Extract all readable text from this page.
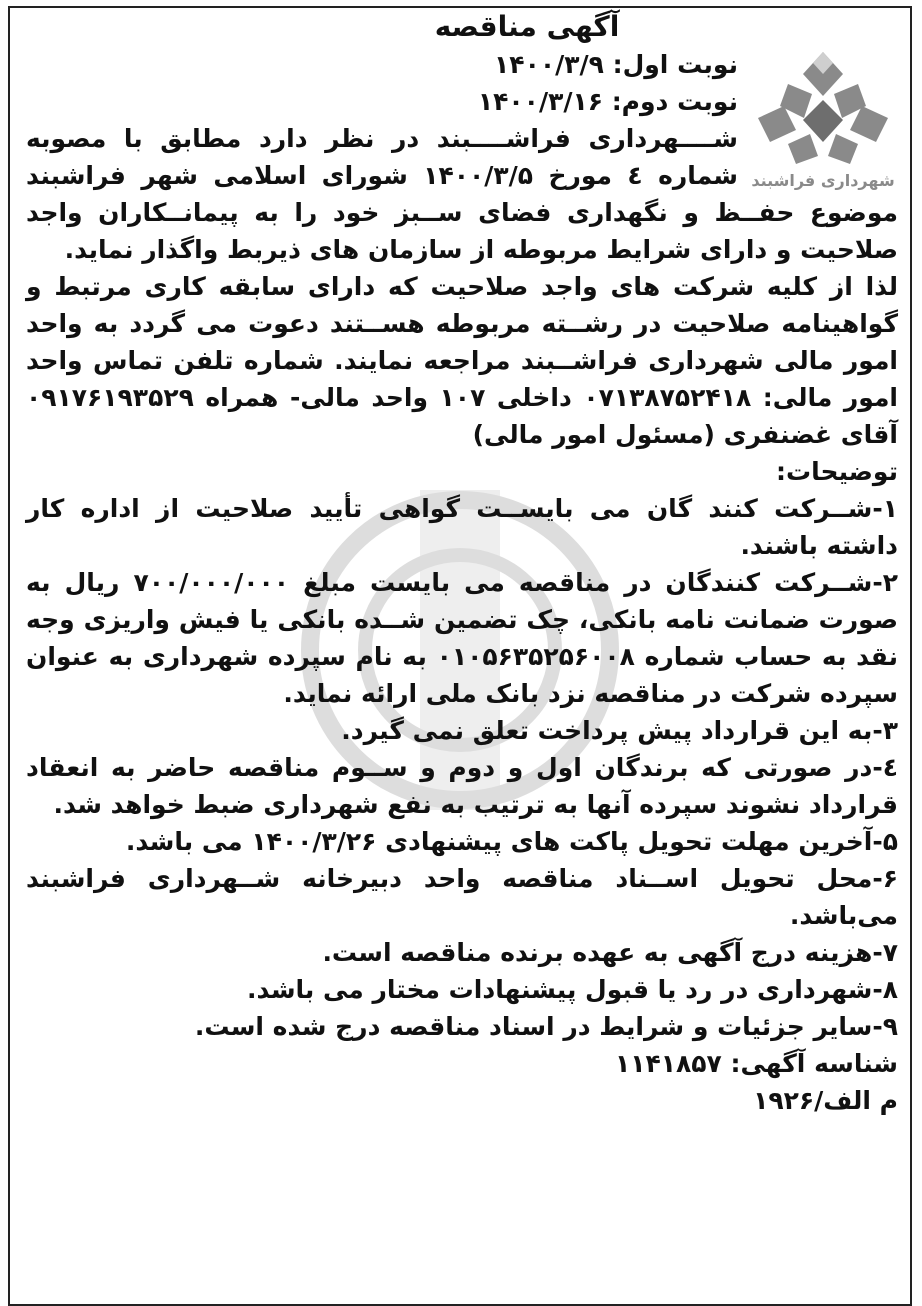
آگهی مناقصه
شهرداری فراشبند
نوبت اول: ۱۴۰۰/۳/۹
نوبت دوم: ۱۴۰۰/۳/۱۶
شــــهرداری فراشــــبند در نظر دارد مطابق با مصوبه
شماره ٤ مورخ ۱۴۰۰/۳/۵ شورای اسلامی شهر فراشبند

موضوع حفــظ و نگهداری فضای ســبز خود را به پیمانــکاران واجد صلاحیت و دارای شرایط مربوطه از سازمان های ذیربط واگذار نماید.

لذا از کلیه شرکت های واجد صلاحیت که دارای سابقه کاری مرتبط و گواهینامه صلاحیت در رشــته مربوطه هســتند دعوت می گردد به واحد امور مالی شهرداری فراشــبند مراجعه نمایند. شماره تلفن تماس واحد امور مالی: ۰۷۱۳۸۷۵۲۴۱۸ داخلی ۱۰۷ واحد مالی- همراه ۰۹۱۷۶۱۹۳۵۲۹ آقای غضنفری (مسئول امور مالی)

توضیحات:

۱-شــرکت کنند گان می بایســت گواهی تأیید صلاحیت از اداره کار داشته باشند.

۲-شــرکت کنندگان در مناقصه می بایست مبلغ ۷۰۰/۰۰۰/۰۰۰ ریال به صورت ضمانت نامه بانکی، چک تضمین شــده بانکی یا فیش واریزی وجه نقد به حساب شماره ۰۱۰۵۶۳۵۲۵۶۰۰۸ به نام سپرده شهرداری به عنوان سپرده شرکت در مناقصه نزد بانک ملی ارائه نماید.

۳-به این قرارداد پیش پرداخت تعلق نمی گیرد.

٤-در صورتی که برندگان اول و دوم و ســوم مناقصه حاضر به انعقاد قرارداد نشوند سپرده آنها به ترتیب به نفع شهرداری ضبط خواهد شد.

۵-آخرین مهلت تحویل پاکت های پیشنهادی ۱۴۰۰/۳/۲۶ می باشد.

۶-محل تحویل اســناد مناقصه واحد دبیرخانه شــهرداری فراشبند می‌باشد.

۷-هزینه درج آگهی به عهده برنده مناقصه است.

۸-شهرداری در رد یا قبول پیشنهادات مختار می باشد.

۹-سایر جزئیات و شرایط در اسناد مناقصه درج شده است.

شناسه آگهی: ۱۱۴۱۸۵۷

م الف/۱۹۲۶
